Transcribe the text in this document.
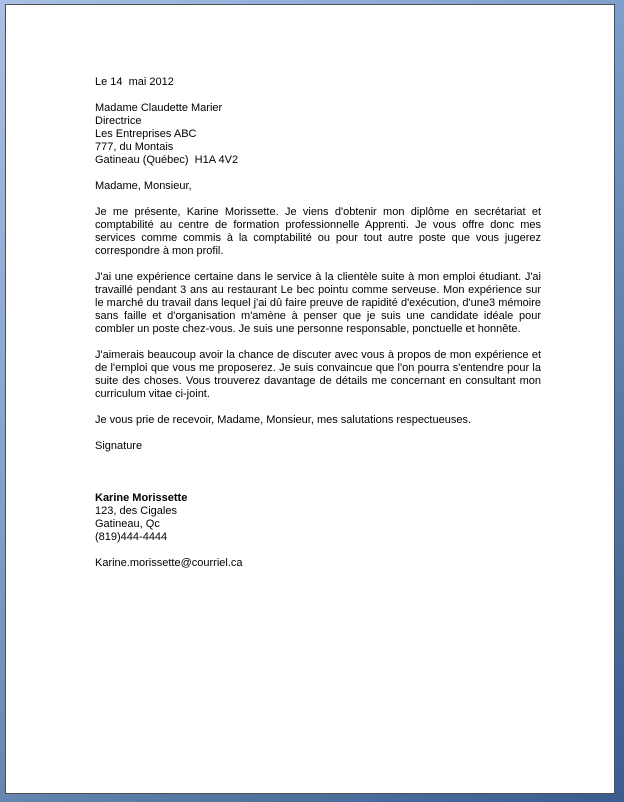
Le 14  mai 2012

Madame Claudette Marier
Directrice
Les Entreprises ABC
777, du Montais
Gatineau (Québec)  H1A 4V2

Madame, Monsieur,

Je me présente, Karine Morissette. Je viens d'obtenir mon diplôme en secrétariat et comptabilité au centre de formation professionnelle Apprenti. Je vous offre donc mes services comme commis à la comptabilité ou pour tout autre poste que vous jugerez correspondre à mon profil.

J'ai une expérience certaine dans le service à la clientèle suite à mon emploi étudiant. J'ai travaillé pendant 3 ans au restaurant Le bec pointu comme serveuse. Mon expérience sur le marché du travail dans lequel j'ai dû faire preuve de rapidité d'exécution, d'une3 mémoire sans faille et d'organisation m'amène à penser que je suis une candidate idéale pour combler un poste chez-vous. Je suis une personne responsable, ponctuelle et honnête.

J'aimerais beaucoup avoir la chance de discuter avec vous à propos de mon expérience et de l'emploi que vous me proposerez. Je suis convaincue que l'on pourra s'entendre pour la suite des choses. Vous trouverez davantage de détails me concernant en consultant mon curriculum vitae ci-joint.

Je vous prie de recevoir, Madame, Monsieur, mes salutations respectueuses.

Signature

Karine Morissette
123, des Cigales
Gatineau, Qc
(819)444-4444

Karine.morissette@courriel.ca
